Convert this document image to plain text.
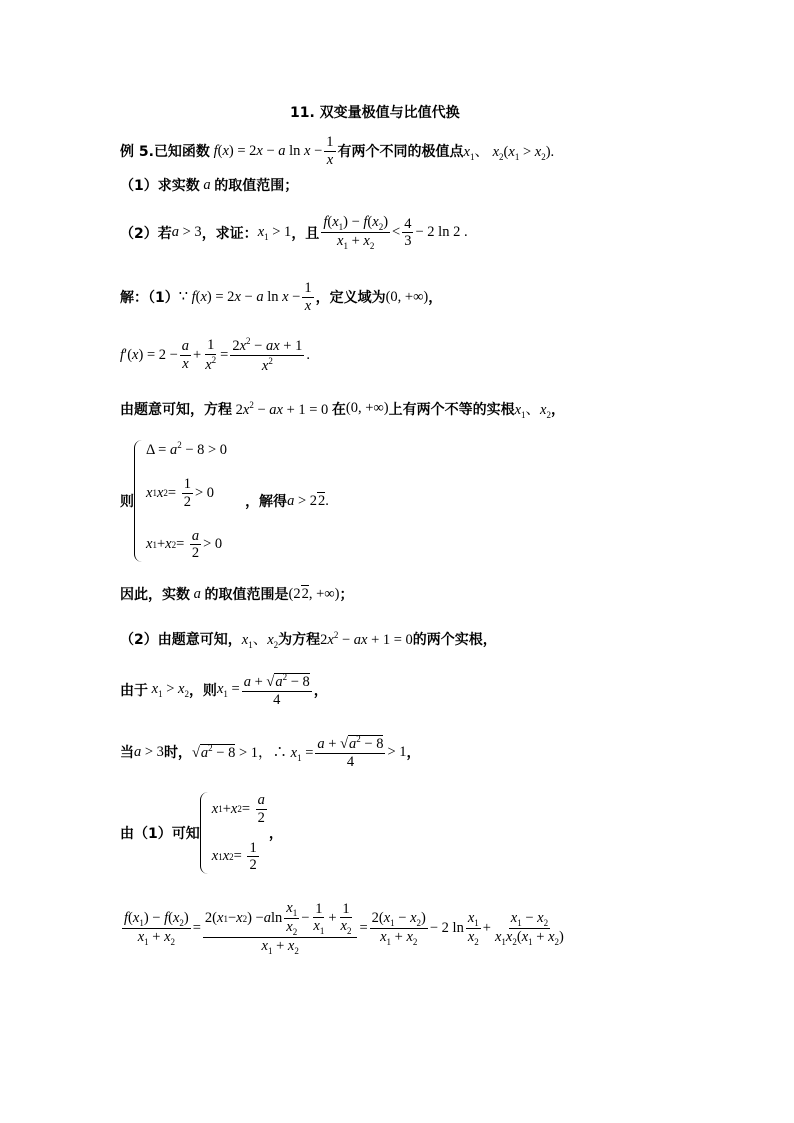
11. 双变量极值与比值代换
例 5. 已知函数 f(x) = 2x − a $\ln x - \frac{1}{x}$ 有两个不同的极值点 $x_1$、 $x_2(x_1 > x_2)$.
（1）求实数 a 的取值范围；
（2）若 a > 3 ，求证： $x_1 > 1$ ，且 $\frac{f(x_1) - f(x_2)}{x_1 + x_2} < \frac{4}{3} - 2$ ln 2 .
解：（1） ∵ f(x) = 2x − a $\ln x - \frac{1}{x}$ ，定义域为 (0, +∞) ，
$f'(x) = 2 - \frac{a}{x} + \frac{1}{x^2} = \frac{2x^2 - ax + 1}{x^2}$ .
由题意可知，方程 $2x^2$ − ax + 1 = 0 在 (0, +∞) 上有两个不等的实根 $x_1$、$x_2$ ，
则
$\Delta = a^2 - 8 > 0$
x 1 x $2 = \frac{1}{2} > 0$
x 1 + x $2 = \frac{a}{2} > 0$
，解得 a > 22.
因此，实数 a 的取值范围是 (22, +∞) ；
（2）由题意可知， $x_1$、$x_2$ 为方程 $2x^2$ − ax + 1 = 0 的两个实根，
由于 $x_1 > x_2$ ，则 $x_1 = \frac{a + √a^2 - 8}{4}$ ，
当 a > 3 时， $√a^2 - 8 > 1$，∴ $x_1 = \frac{a + √a^2 - 8}{4} > 1$ ，
由（1）可知
x 1 + x $2 = \frac{a}{2}$
x 1 x $2 = \frac{1}{2}$
，
$\frac{f(x_1) - f(x_2)}{x_1 + x_2} = \frac{2( x 1 - x 2 ) - a \ln \frac{x_1}{x_2} - \frac{1}{x_1} + \frac{1}{x_2}}{x_1 + x_2} = \frac{2(x_1 - x_2)}{x_1 + x_2} - 2$ $\ln \frac{x_1}{x_2} + \frac{x_1 - x_2}{x_1x_2(x_1 + x_2)}$
